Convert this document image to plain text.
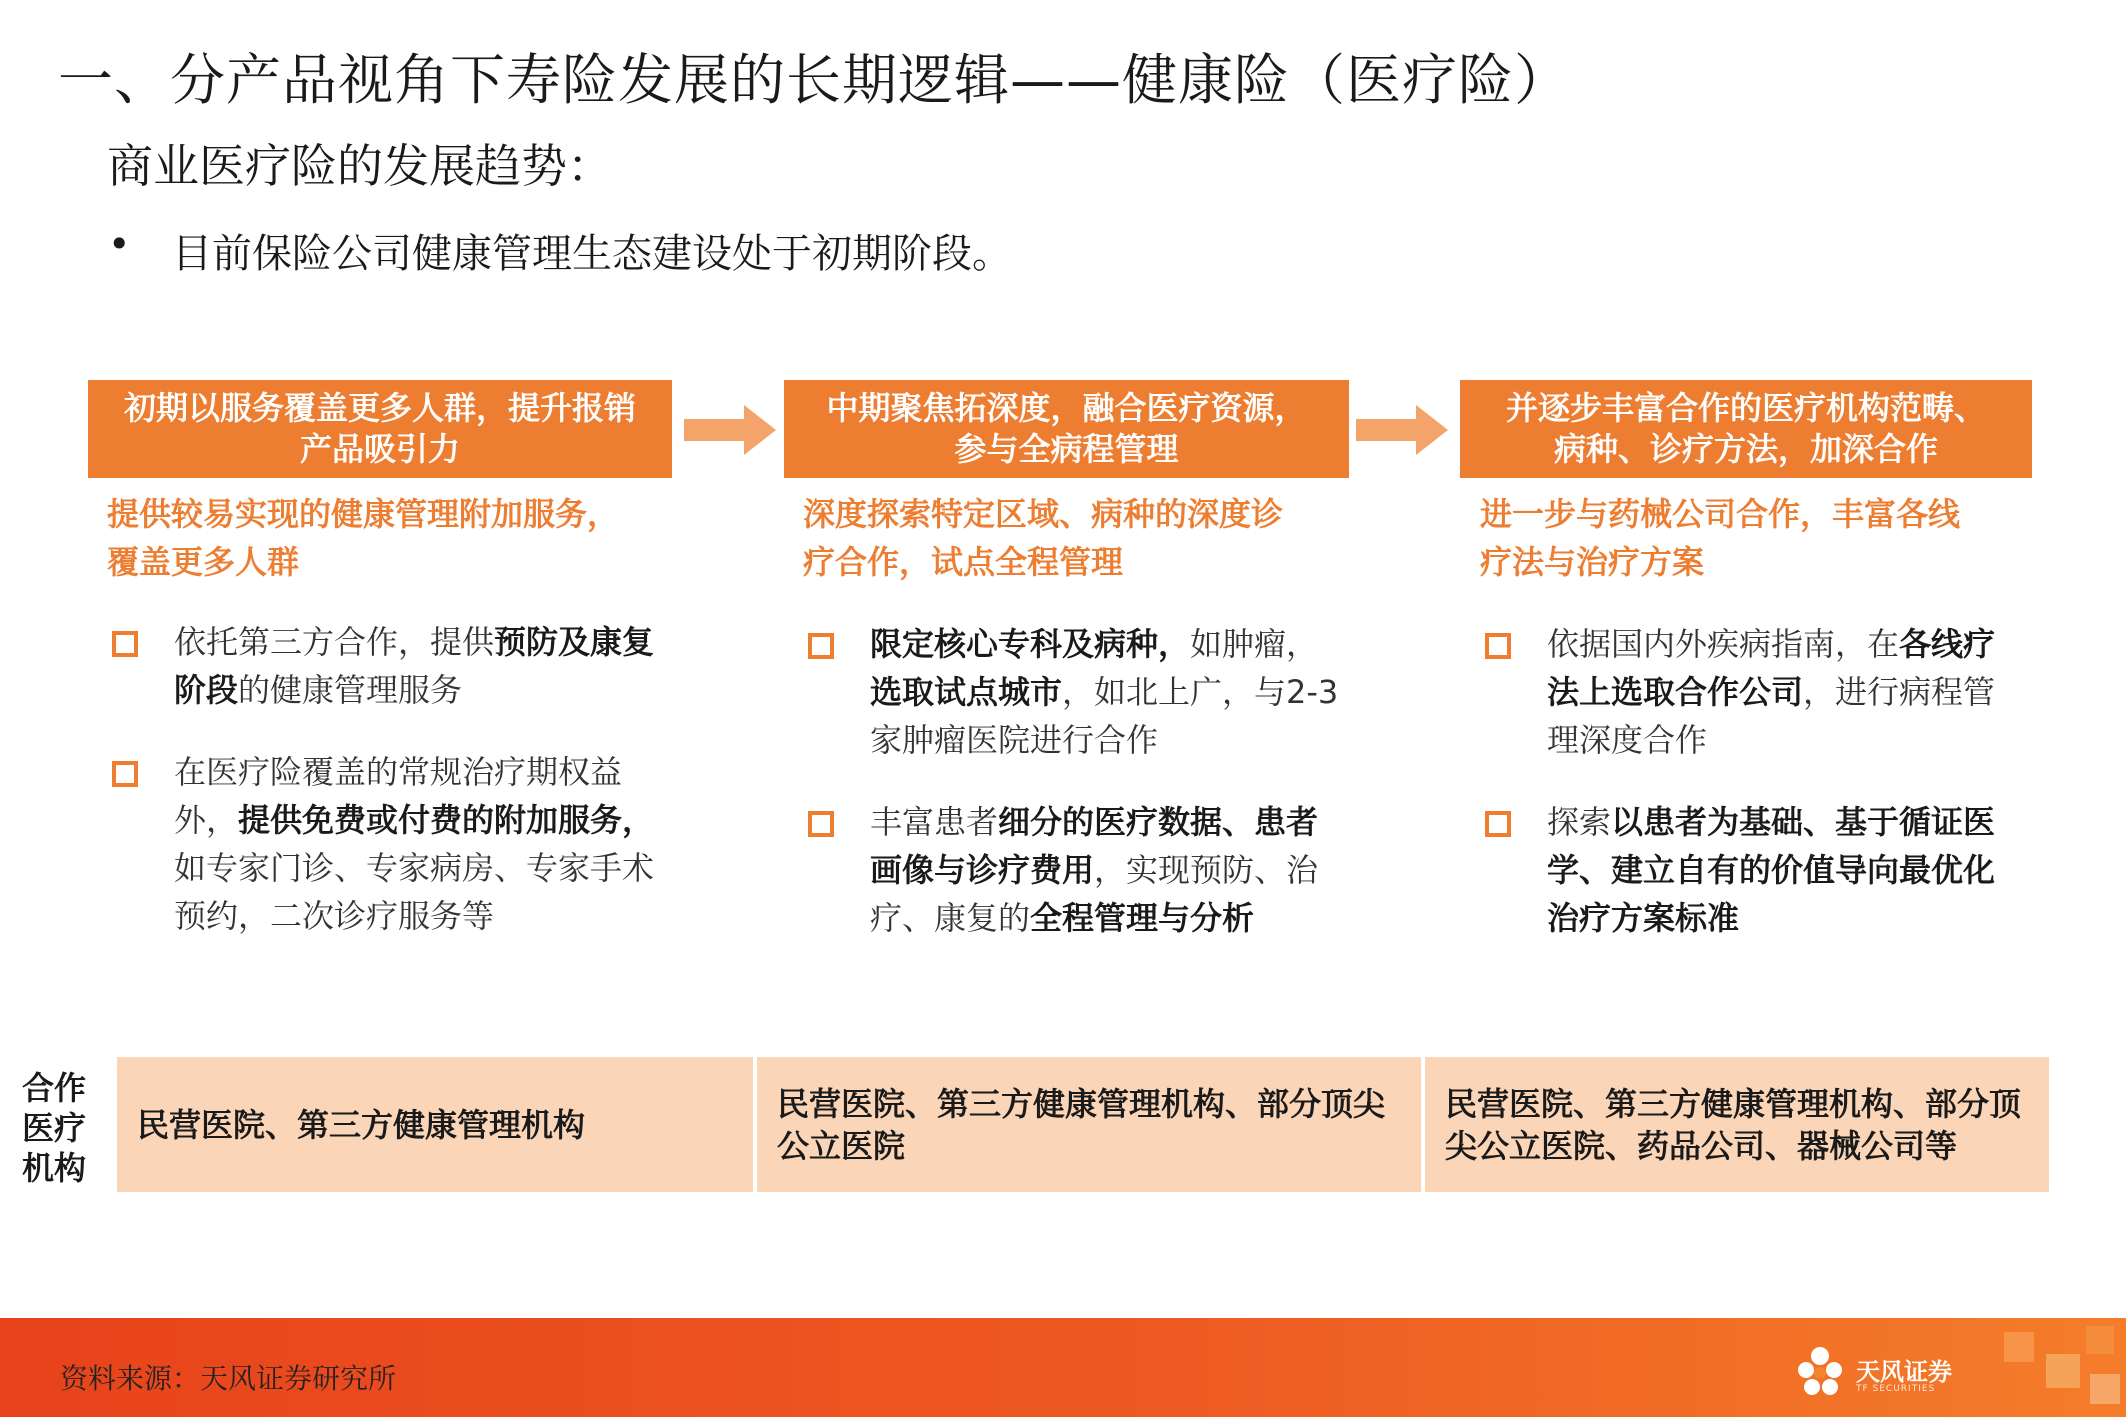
一、分产品视角下寿险发展的长期逻辑——健康险（医疗险）
商业医疗险的发展趋势：
• 目前保险公司健康管理生态建设处于初期阶段。
初期以服务覆盖更多人群，提升报销
产品吸引力
提供较易实现的健康管理附加服务，
覆盖更多人群
依托第三方合作，提供预防及康复阶段的健康管理服务
在医疗险覆盖的常规治疗期权益外，提供免费或付费的附加服务，如专家门诊、专家病房、专家手术预约，二次诊疗服务等
中期聚焦拓深度，融合医疗资源，
参与全病程管理
深度探索特定区域、病种的深度诊
疗合作，试点全程管理
限定核心专科及病种，如肿瘤，选取试点城市，如北上广，与2-3家肿瘤医院进行合作
丰富患者细分的医疗数据、患者画像与诊疗费用，实现预防、治疗、康复的全程管理与分析
并逐步丰富合作的医疗机构范畴、
病种、诊疗方法，加深合作
进一步与药械公司合作，丰富各线
疗法与治疗方案
依据国内外疾病指南，在各线疗法上选取合作公司，进行病程管理深度合作
探索以患者为基础、基于循证医学、建立自有的价值导向最优化治疗方案标准
合作
医疗
机构
民营医院、第三方健康管理机构
民营医院、第三方健康管理机构、部分顶尖公立医院
民营医院、第三方健康管理机构、部分顶尖公立医院、药品公司、器械公司等
资料来源：天风证券研究所	天风证券
TF SECURITIES
